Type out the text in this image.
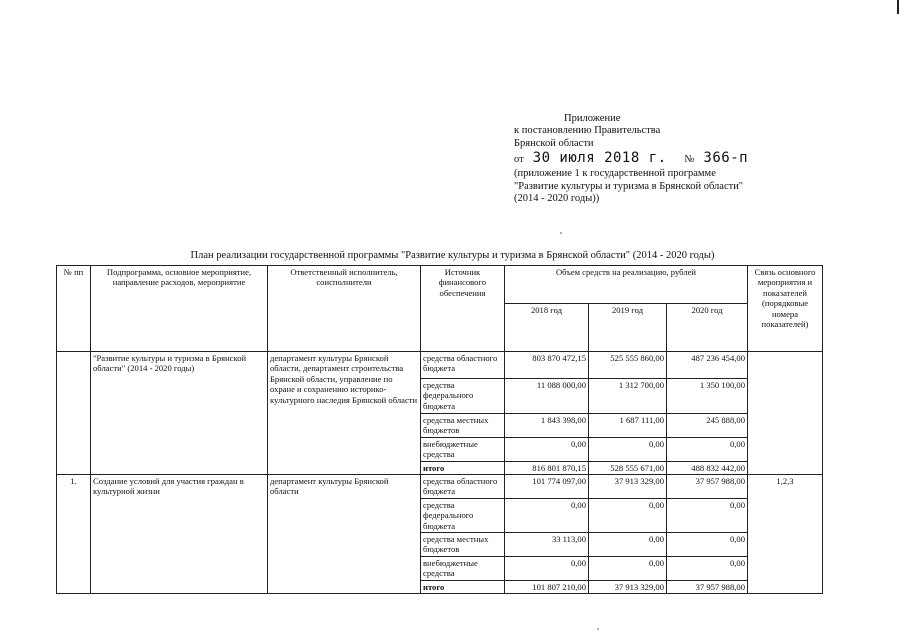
Приложение
к постановлению Правительства
Брянской области
от 30 июля 2018 г. № 366-п
(приложение 1 к государственной программе
"Развитие культуры и туризма в Брянской области"
(2014 - 2020 годы))
План реализации государственной программы "Развитие культуры и туризма в Брянской области" (2014 - 2020 годы)
№ пп	Подпрограмма, основное мероприятие, направление расходов, мероприятие	Ответственный исполнитель, соисполнители	Источник финансового обеспечения	Объем средств на реализацию, рублей			Связь основного мероприятия и показателей (порядковые номера показателей)
				2018 год	2019 год	2020 год	
	"Развитие культуры и туризма в Брянской области" (2014 - 2020 годы)	департамент культуры Брянской области, департамент строительства Брянской области, управление по охране и сохранению историко-культурного наследия Брянской области	средства областного бюджета	803 870 472,15	525 555 860,00	487 236 454,00	
			средства федерального бюджета	11 088 000,00	1 312 700,00	1 350 100,00	
			средства местных бюджетов	1 843 398,00	1 687 111,00	245 888,00	
			внебюджетные средства	0,00	0,00	0,00	
			итого	816 801 870,15	528 555 671,00	488 832 442,00	
1.	Создание условий для участия граждан в культурной жизни	департамент культуры Брянской области	средства областного бюджета	101 774 097,00	37 913 329,00	37 957 988,00	1,2,3
			средства федерального бюджета	0,00	0,00	0,00	
			средства местных бюджетов	33 113,00	0,00	0,00	
			внебюджетные средства	0,00	0,00	0,00	
			итого	101 807 210,00	37 913 329,00	37 957 988,00	
